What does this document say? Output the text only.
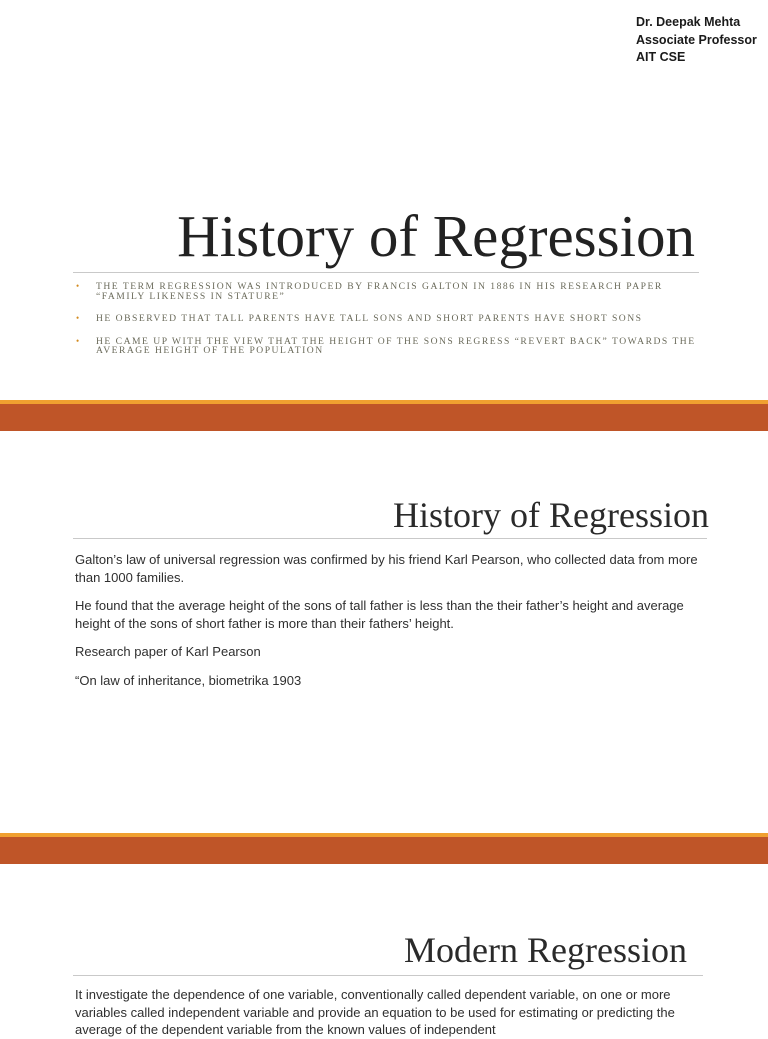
Dr. Deepak Mehta
Associate Professor
AIT CSE
History of Regression
• THE TERM REGRESSION WAS INTRODUCED BY FRANCIS GALTON IN 1886 IN HIS RESEARCH PAPER “FAMILY LIKENESS IN STATURE”
• HE OBSERVED THAT TALL PARENTS HAVE TALL SONS AND SHORT PARENTS HAVE SHORT SONS
• HE CAME UP WITH THE VIEW THAT THE HEIGHT OF THE SONS REGRESS “REVERT BACK” TOWARDS THE AVERAGE HEIGHT OF THE POPULATION
History of Regression

Galton’s law of universal regression was confirmed by his friend Karl Pearson, who collected data from more than 1000 families.

He found that the average height of the sons of tall father is less than the their father’s height and average height of the sons of short father is more than their fathers’ height.

Research paper of Karl Pearson

“On law of inheritance, biometrika 1903

Modern Regression
It investigate the dependence of one variable, conventionally called dependent variable, on one or more variables called independent variable and provide an equation to be used for estimating or predicting the average of the dependent variable from the known values of independent
